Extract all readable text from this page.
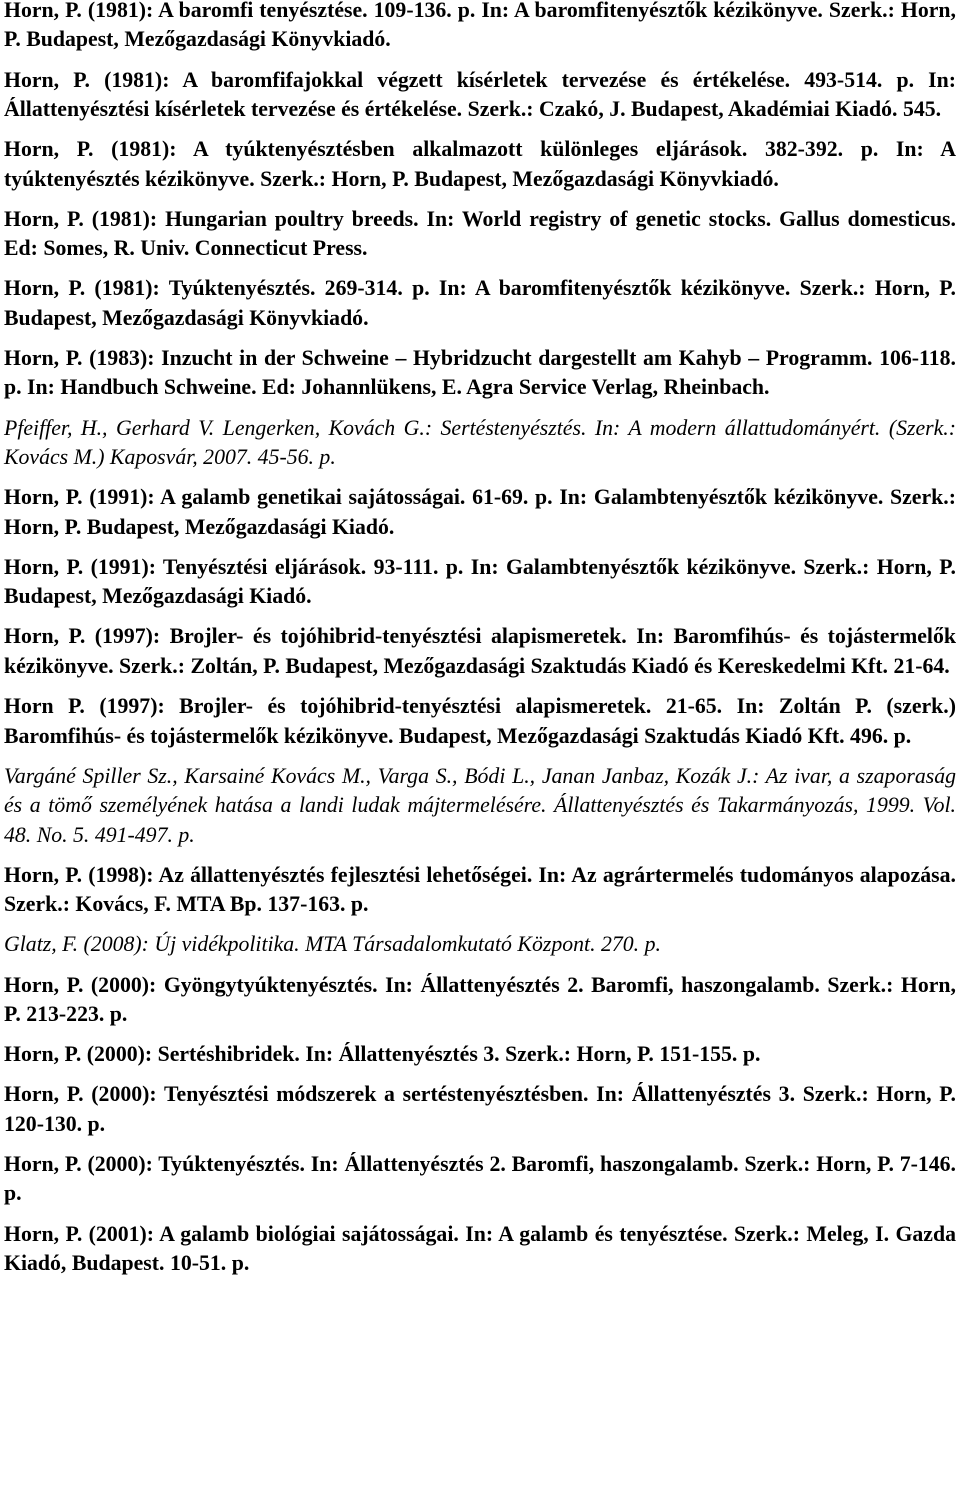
Horn, P. (1981): A baromfi tenyésztése. 109-136. p. In: A baromfitenyésztők kézikönyve. Szerk.: Horn, P. Budapest, Mezőgazdasági Könyvkiadó.

Horn, P. (1981): A baromfifajokkal végzett kísérletek tervezése és értékelése. 493-514. p. In: Állattenyésztési kísérletek tervezése és értékelése. Szerk.: Czakó, J. Budapest, Akadémiai Kiadó. 545.

Horn, P. (1981): A tyúktenyésztésben alkalmazott különleges eljárások. 382-392. p. In: A tyúktenyésztés kézikönyve. Szerk.: Horn, P. Budapest, Mezőgazdasági Könyvkiadó.

Horn, P. (1981): Hungarian poultry breeds. In: World registry of genetic stocks. Gallus domesticus. Ed: Somes, R. Univ. Connecticut Press.

Horn, P. (1981): Tyúktenyésztés. 269-314. p. In: A baromfitenyésztők kézikönyve. Szerk.: Horn, P. Budapest, Mezőgazdasági Könyvkiadó.

Horn, P. (1983): Inzucht in der Schweine – Hybridzucht dargestellt am Kahyb – Programm. 106-118. p. In: Handbuch Schweine. Ed: Johannlükens, E. Agra Service Verlag, Rheinbach.

Pfeiffer, H., Gerhard V. Lengerken, Kovách G.: Sertéstenyésztés. In: A modern állattudományért. (Szerk.: Kovács M.) Kaposvár, 2007. 45-56. p.

Horn, P. (1991): A galamb genetikai sajátosságai. 61-69. p. In: Galambtenyésztők kézikönyve. Szerk.: Horn, P. Budapest, Mezőgazdasági Kiadó.

Horn, P. (1991): Tenyésztési eljárások. 93-111. p. In: Galambtenyésztők kézikönyve. Szerk.: Horn, P. Budapest, Mezőgazdasági Kiadó.

Horn, P. (1997): Brojler- és tojóhibrid-tenyésztési alapismeretek. In: Baromfihús- és tojástermelők kézikönyve. Szerk.: Zoltán, P. Budapest, Mezőgazdasági Szaktudás Kiadó és Kereskedelmi Kft. 21-64.

Horn P. (1997): Brojler- és tojóhibrid-tenyésztési alapismeretek. 21-65. In: Zoltán P. (szerk.) Baromfihús- és tojástermelők kézikönyve. Budapest, Mezőgazdasági Szaktudás Kiadó Kft. 496. p.

Vargáné Spiller Sz., Karsainé Kovács M., Varga S., Bódi L., Janan Janbaz, Kozák J.: Az ivar, a szaporaság és a tömő személyének hatása a landi ludak májtermelésére. Állattenyésztés és Takarmányozás, 1999. Vol. 48. No. 5. 491-497. p.

Horn, P. (1998): Az állattenyésztés fejlesztési lehetőségei. In: Az agrártermelés tudományos alapozása. Szerk.: Kovács, F. MTA Bp. 137-163. p.

Glatz, F. (2008): Új vidékpolitika. MTA Társadalomkutató Központ. 270. p.

Horn, P. (2000): Gyöngytyúktenyésztés. In: Állattenyésztés 2. Baromfi, haszongalamb. Szerk.: Horn, P. 213-223. p.

Horn, P. (2000): Sertéshibridek. In: Állattenyésztés 3. Szerk.: Horn, P. 151-155. p.

Horn, P. (2000): Tenyésztési módszerek a sertéstenyésztésben. In: Állattenyésztés 3. Szerk.: Horn, P. 120-130. p.

Horn, P. (2000): Tyúktenyésztés. In: Állattenyésztés 2. Baromfi, haszongalamb. Szerk.: Horn, P. 7-146. p.

Horn, P. (2001): A galamb biológiai sajátosságai. In: A galamb és tenyésztése. Szerk.: Meleg, I. Gazda Kiadó, Budapest. 10-51. p.
